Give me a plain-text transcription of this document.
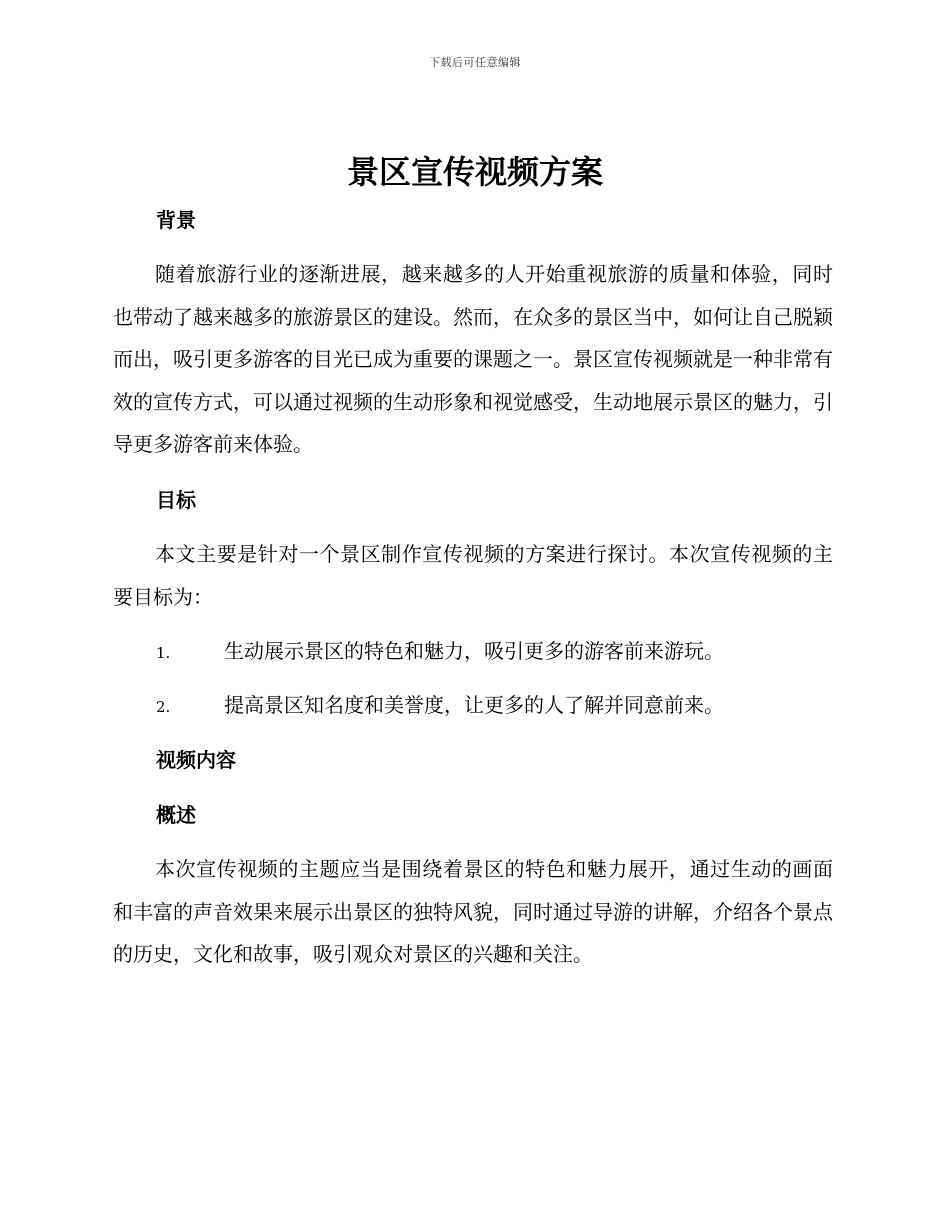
下载后可任意编辑
景区宣传视频方案
背景

随着旅游行业的逐渐进展，越来越多的人开始重视旅游的质量和体验，同时也带动了越来越多的旅游景区的建设。然而，在众多的景区当中，如何让自己脱颖而出，吸引更多游客的目光已成为重要的课题之一。景区宣传视频就是一种非常有效的宣传方式，可以通过视频的生动形象和视觉感受，生动地展示景区的魅力，引导更多游客前来体验。

目标

本文主要是针对一个景区制作宣传视频的方案进行探讨。本次宣传视频的主要目标为：

1.	生动展示景区的特色和魅力，吸引更多的游客前来游玩。
2.	提高景区知名度和美誉度，让更多的人了解并同意前来。
视频内容
概述

本次宣传视频的主题应当是围绕着景区的特色和魅力展开，通过生动的画面和丰富的声音效果来展示出景区的独特风貌，同时通过导游的讲解，介绍各个景点的历史，文化和故事，吸引观众对景区的兴趣和关注。
